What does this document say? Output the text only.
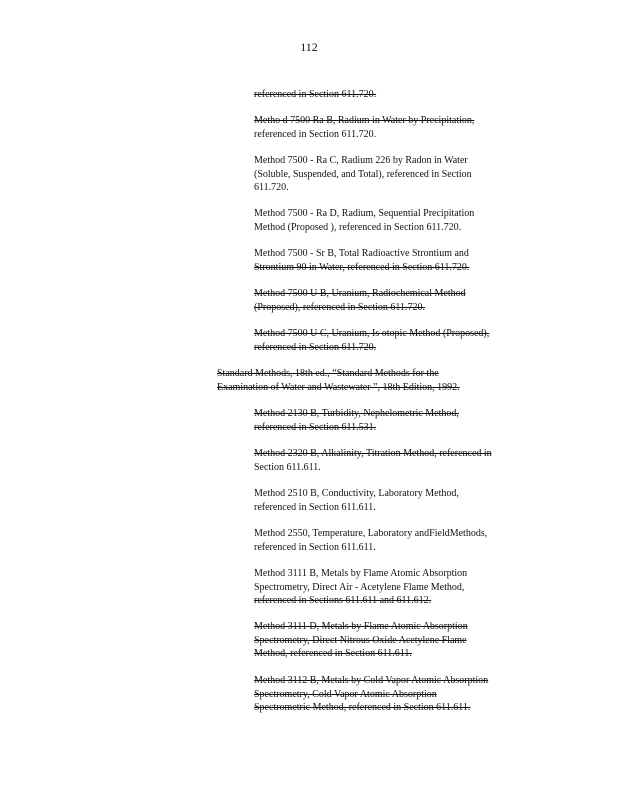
112
referenced in Section 611.720.
Metho d 7500 Ra B, Radium in Water by Precipitation,
referenced in Section 611.720.
Method 7500 - Ra C, Radium 226 by Radon in Water
(Soluble, Suspended, and Total), referenced in Section
611.720.
Method 7500 - Ra D, Radium, Sequential Precipitation
Method (Proposed ), referenced in Section 611.720.
Method 7500 - Sr B, Total Radioactive Strontium and
Strontium 90 in Water, referenced in Section 611.720.
Method 7500 U B, Uranium, Radiochemical Method
(Proposed), referenced in Section 611.720.
Method 7500 U C, Uranium, Is otopic Method (Proposed),
referenced in Section 611.720.
Standard Methods, 18th ed., “Standard Methods for the
Examination of Water and Wastewater ”, 18th Edition, 1992.
Method 2130 B, Turbidity, Nephelometric Method,
referenced in Section 611.531.
Method 2320 B, Alkalinity, Titration Method, referenced in
Section 611.611.
Method 2510 B, Conductivity, Laboratory Method,
referenced in Section 611.611.
Method 2550, Temperature, Laboratory andFieldMethods,
referenced in Section 611.611.
Method 3111 B, Metals by Flame Atomic Absorption
Spectrometry, Direct Air - Acetylene Flame Method,
referenced in Sections 611.611 and 611.612.
Method 3111 D, Metals by Flame Atomic Absorption
Spectrometry, Direct Nitrous Oxide Acetylene Flame
Method, referenced in Section 611.611.
Method 3112 B, Metals by Cold Vapor Atomic Absorption
Spectrometry, Cold Vapor Atomic Absorption
Spectrometric Method, referenced in Section 611.611.
